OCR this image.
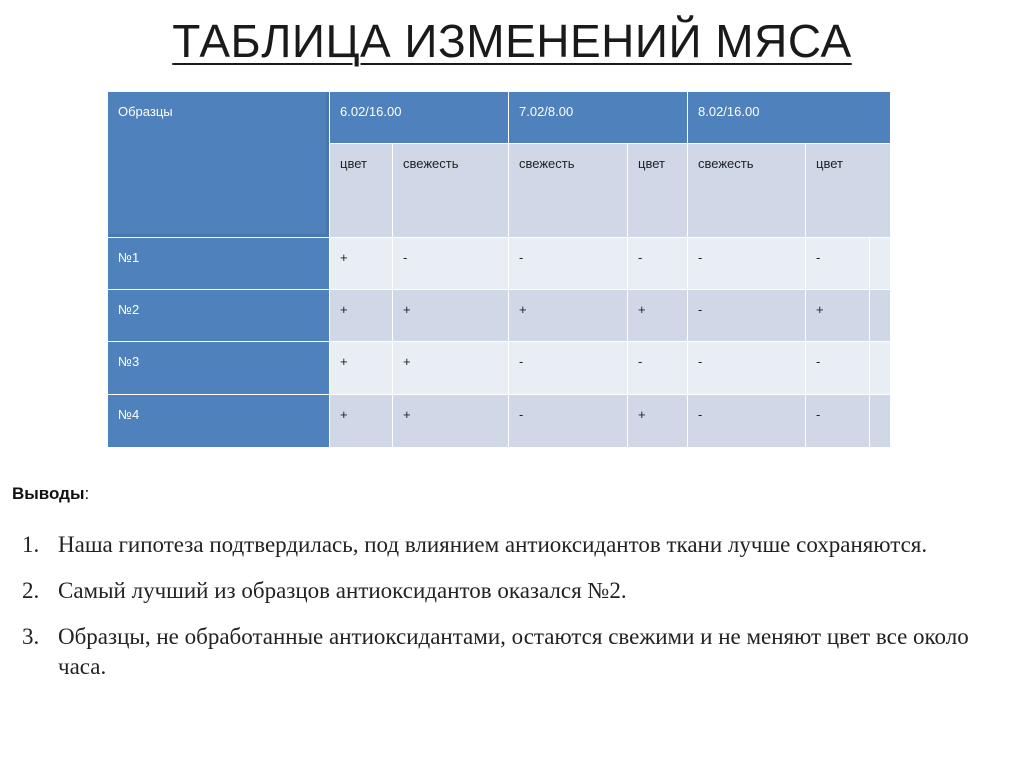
ТАБЛИЦА ИЗМЕНЕНИЙ МЯСА
Образцы	6.02/16.00		7.02/8.00		8.02/16.00		
	цвет	свежесть	свежесть	цвет	свежесть	цвет	
№1	+	-	-	-	-	-	
№2	+	+	+	+	-	+	
№3	+	+	-	-	-	-	
№4	+	+	-	+	-	-	
Выводы:
1. Наша гипотеза подтвердилась, под влиянием антиоксидантов ткани лучше сохраняются.
2. Самый лучший из образцов антиоксидантов оказался №2.
3. Образцы, не обработанные антиоксидантами, остаются свежими и не меняют цвет все около часа.
